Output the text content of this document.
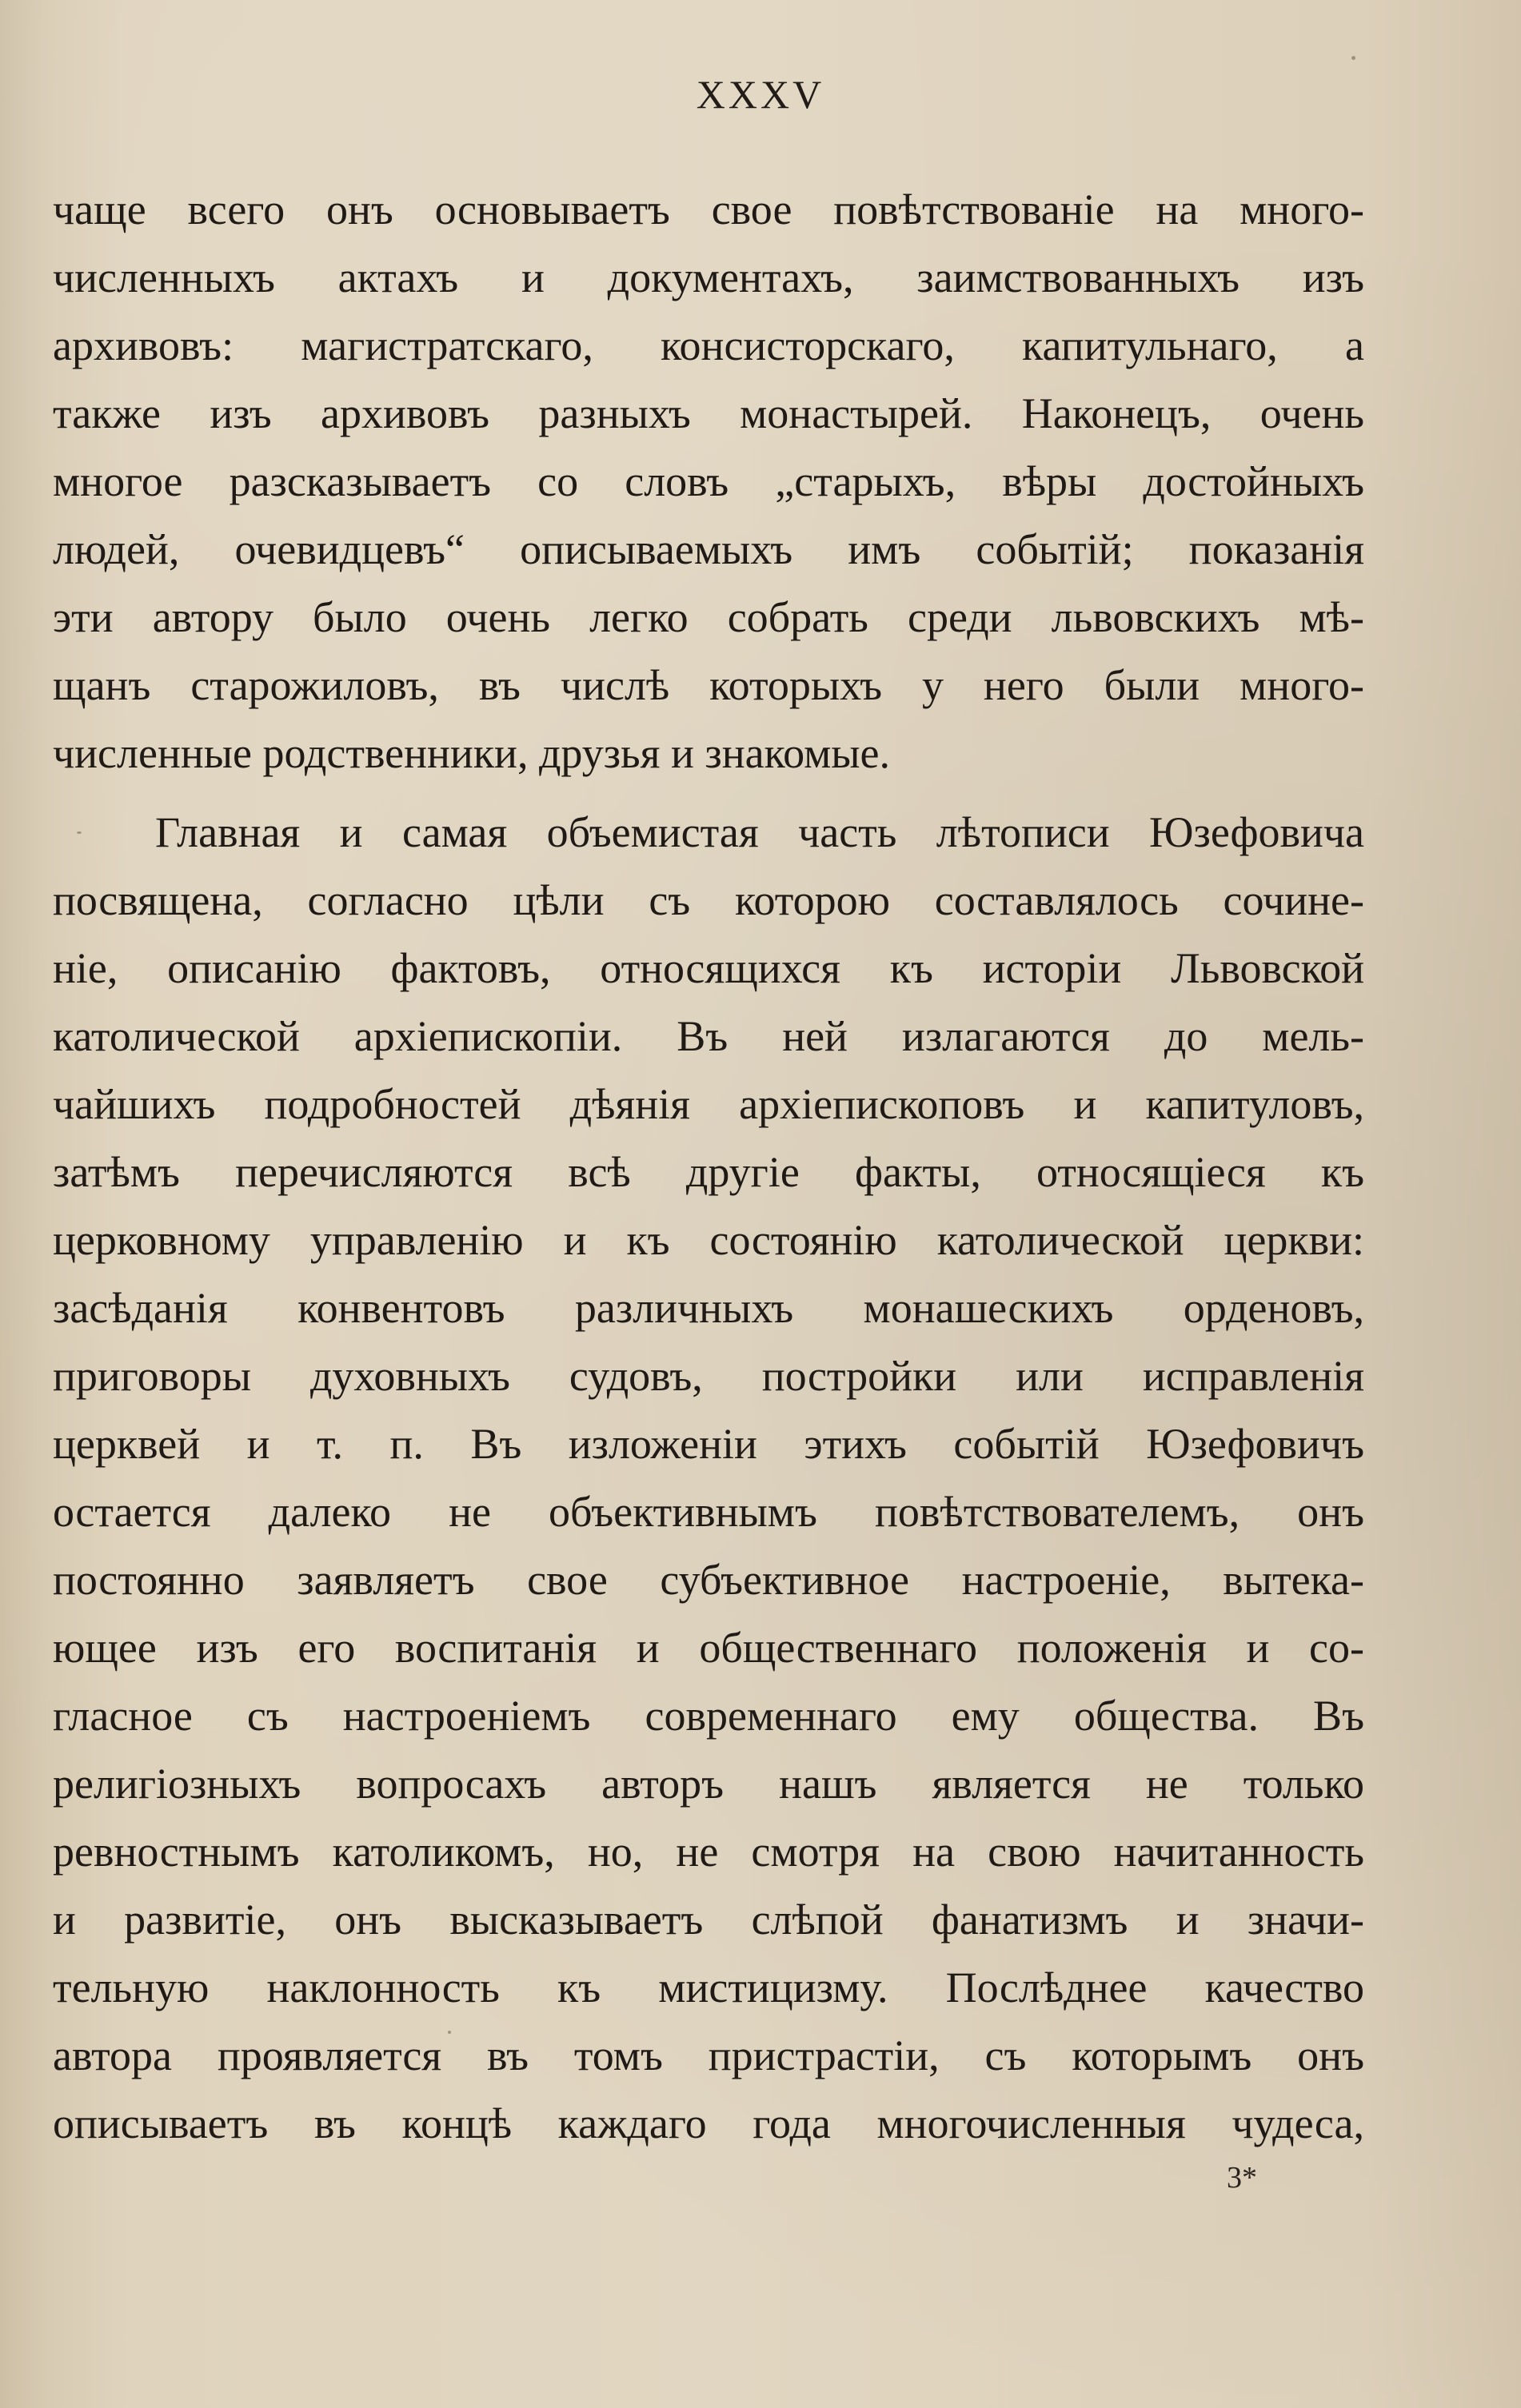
XXXV
чаще всего онъ основываетъ свое повѣтствованіе на много-
численныхъ актахъ и документахъ, заимствованныхъ изъ
архивовъ: магистратскаго, консисторскаго, капитульнаго, а
также изъ архивовъ разныхъ монастырей. Наконецъ, очень
многое разсказываетъ со словъ „старыхъ, вѣры достойныхъ
людей, очевидцевъ“ описываемыхъ имъ событій; показанія
эти автору было очень легко собрать среди львовскихъ мѣ-
щанъ старожиловъ, въ числѣ которыхъ у него были много-
численные родственники, друзья и знакомые.
Главная и самая объемистая часть лѣтописи Юзефовича
посвящена, согласно цѣли съ которою составлялось сочине-
ніе, описанію фактовъ, относящихся къ исторіи Львовской
католической архіепископіи. Въ ней излагаются до мель-
чайшихъ подробностей дѣянія архіепископовъ и капитуловъ,
затѣмъ перечисляются всѣ другіе факты, относящіеся къ
церковному управленію и къ состоянію католической церкви:
засѣданія конвентовъ различныхъ монашескихъ орденовъ,
приговоры духовныхъ судовъ, постройки или исправленія
церквей и т. п. Въ изложеніи этихъ событій Юзефовичъ
остается далеко не объективнымъ повѣтствователемъ, онъ
постоянно заявляетъ свое субъективное настроеніе, вытека-
ющее изъ его воспитанія и общественнаго положенія и со-
гласное съ настроеніемъ современнаго ему общества. Въ
религіозныхъ вопросахъ авторъ нашъ является не только
ревностнымъ католикомъ, но, не смотря на свою начитанность
и развитіе, онъ высказываетъ слѣпой фанатизмъ и значи-
тельную наклонность къ мистицизму. Послѣднее качество
автора проявляется въ томъ пристрастіи, съ которымъ онъ
описываетъ въ концѣ каждаго года многочисленныя чудеса,
3*
